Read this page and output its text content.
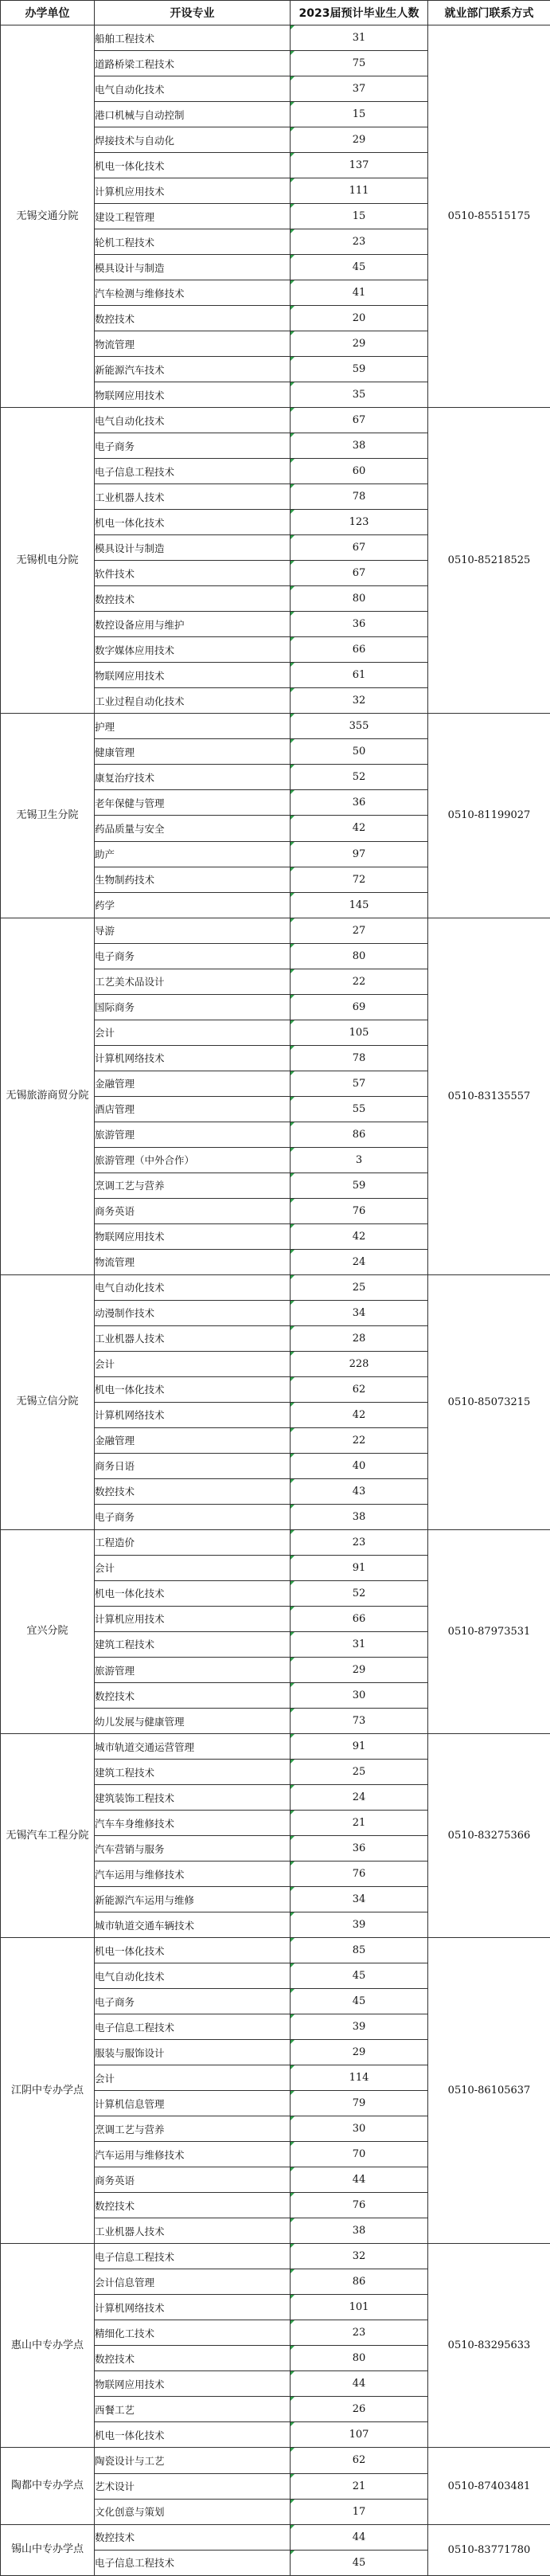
办学单位	开设专业	2023届预计毕业生人数	就业部门联系方式
无锡交通分院	船舶工程技术	31	0510-85515175
	道路桥梁工程技术	75	
	电气自动化技术	37	
	港口机械与自动控制	15	
	焊接技术与自动化	29	
	机电一体化技术	137	
	计算机应用技术	111	
	建设工程管理	15	
	轮机工程技术	23	
	模具设计与制造	45	
	汽车检测与维修技术	41	
	数控技术	20	
	物流管理	29	
	新能源汽车技术	59	
	物联网应用技术	35	
无锡机电分院	电气自动化技术	67	0510-85218525
	电子商务	38	
	电子信息工程技术	60	
	工业机器人技术	78	
	机电一体化技术	123	
	模具设计与制造	67	
	软件技术	67	
	数控技术	80	
	数控设备应用与维护	36	
	数字媒体应用技术	66	
	物联网应用技术	61	
	工业过程自动化技术	32	
无锡卫生分院	护理	355	0510-81199027
	健康管理	50	
	康复治疗技术	52	
	老年保健与管理	36	
	药品质量与安全	42	
	助产	97	
	生物制药技术	72	
	药学	145	
无锡旅游商贸分院	导游	27	0510-83135557
	电子商务	80	
	工艺美术品设计	22	
	国际商务	69	
	会计	105	
	计算机网络技术	78	
	金融管理	57	
	酒店管理	55	
	旅游管理	86	
	旅游管理（中外合作）	3	
	烹调工艺与营养	59	
	商务英语	76	
	物联网应用技术	42	
	物流管理	24	
无锡立信分院	电气自动化技术	25	0510-85073215
	动漫制作技术	34	
	工业机器人技术	28	
	会计	228	
	机电一体化技术	62	
	计算机网络技术	42	
	金融管理	22	
	商务日语	40	
	数控技术	43	
	电子商务	38	
宜兴分院	工程造价	23	0510-87973531
	会计	91	
	机电一体化技术	52	
	计算机应用技术	66	
	建筑工程技术	31	
	旅游管理	29	
	数控技术	30	
	幼儿发展与健康管理	73	
无锡汽车工程分院	城市轨道交通运营管理	91	0510-83275366
	建筑工程技术	25	
	建筑装饰工程技术	24	
	汽车车身维修技术	21	
	汽车营销与服务	36	
	汽车运用与维修技术	76	
	新能源汽车运用与维修	34	
	城市轨道交通车辆技术	39	
江阴中专办学点	机电一体化技术	85	0510-86105637
	电气自动化技术	45	
	电子商务	45	
	电子信息工程技术	39	
	服装与服饰设计	29	
	会计	114	
	计算机信息管理	79	
	烹调工艺与营养	30	
	汽车运用与维修技术	70	
	商务英语	44	
	数控技术	76	
	工业机器人技术	38	
惠山中专办学点	电子信息工程技术	32	0510-83295633
	会计信息管理	86	
	计算机网络技术	101	
	精细化工技术	23	
	数控技术	80	
	物联网应用技术	44	
	西餐工艺	26	
	机电一体化技术	107	
陶都中专办学点	陶瓷设计与工艺	62	0510-87403481
	艺术设计	21	
	文化创意与策划	17	
锡山中专办学点	数控技术	44	0510-83771780
	电子信息工程技术	45	
